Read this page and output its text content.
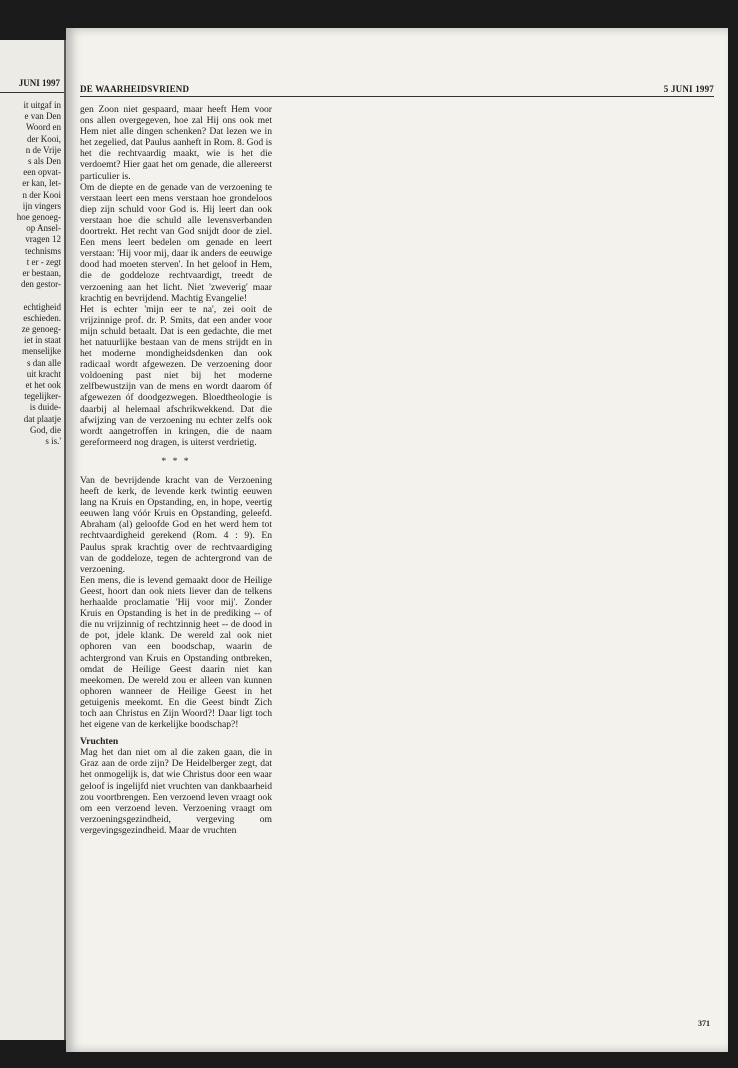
JUNI 1997
it uitgaf in
e van Den
Woord en
der Kooi,
n de Vrije
s als Den
een opvat-
er kan, let-
n der Kooi
ijn vingers
hoe genoeg-
op Ansel-
vragen 12
technisms
t er - zegt
er bestaan,
den gestor-

echtigheid
eschieden.
ze genoeg-
iet in staat
menselijke
s dan alle
uit kracht
et het ook
tegelijker-
is duide-
dat plaatje
God, die
s is.'
DE WAARHEIDSVRIEND	5 JUNI 1997

gen Zoon niet gespaard, maar heeft Hem voor ons allen overgegeven, hoe zal Hij ons ook met Hem niet alle dingen schenken? Dat lezen we in het zegelied, dat Paulus aanheft in Rom. 8. God is het die rechtvaardig maakt, wie is het die verdoemt? Hier gaat het om genade, die allereerst particulier is.

Om de diepte en de genade van de verzoening te verstaan leert een mens verstaan hoe grondeloos diep zijn schuld voor God is. Hij leert dan ook verstaan hoe die schuld alle levensverbanden doortrekt. Het recht van God snijdt door de ziel. Een mens leert bedelen om genade en leert verstaan: 'Hij voor mij, daar ik anders de eeuwige dood had moeten sterven'. In het geloof in Hem, die de goddeloze rechtvaardigt, treedt de verzoening aan het licht. Niet 'zweverig' maar krachtig en bevrijdend. Machtig Evangelie!

Het is echter 'mijn eer te na', zei ooit de vrijzinnige prof. dr. P. Smits, dat een ander voor mijn schuld betaalt. Dat is een gedachte, die met het natuurlijke bestaan van de mens strijdt en in het moderne mondigheidsdenken dan ook radicaal wordt afgewezen. De verzoening door voldoening past niet bij het moderne zelfbewustzijn van de mens en wordt daarom óf afgewezen óf doodgezwegen. Bloedtheologie is daarbij al helemaal afschrikwekkend. Dat die afwijzing van de verzoening nu echter zelfs ook wordt aangetroffen in kringen, die de naam gereformeerd nog dragen, is uiterst verdrietig.

* * *

Van de bevrijdende kracht van de Verzoening heeft de kerk, de levende kerk twintig eeuwen lang na Kruis en Opstanding, en, in hope, veertig eeuwen lang vóór Kruis en Opstanding, geleefd. Abraham (al) geloofde God en het werd hem tot rechtvaardigheid gerekend (Rom. 4 : 9). En Paulus sprak krachtig over de rechtvaardiging van de goddeloze, tegen de achtergrond van de verzoening.

Een mens, die is levend gemaakt door de Heilige Geest, hoort dan ook niets liever dan de telkens herhaalde proclamatie 'Hij voor mij'. Zonder Kruis en Opstanding is het in de prediking -- of die nu vrijzinnig of rechtzinnig heet -- de dood in de pot, jdele klank. De wereld zal ook niet ophoren van een boodschap, waarin de achtergrond van Kruis en Opstanding ontbreken, omdat de Heilige Geest daarin niet kan meekomen. De wereld zou er alleen van kunnen ophoren wanneer de Heilige Geest in het getuigenis meekomt. En die Geest bindt Zich toch aan Christus en Zijn Woord?! Daar ligt toch het eigene van de kerkelijke boodschap?!

Vruchten

Mag het dan niet om al die zaken gaan, die in Graz aan de orde zijn? De Heidelberger zegt, dat het onmogelijk is, dat wie Christus door een waar geloof is ingelijfd niet vruchten van dankbaarheid zou voortbrengen. Een verzoend leven vraagt ook om een verzoend leven. Verzoening vraagt om verzoeningsgezindheid, vergeving om vergevingsgezindheid. Maar de vruchten

371
